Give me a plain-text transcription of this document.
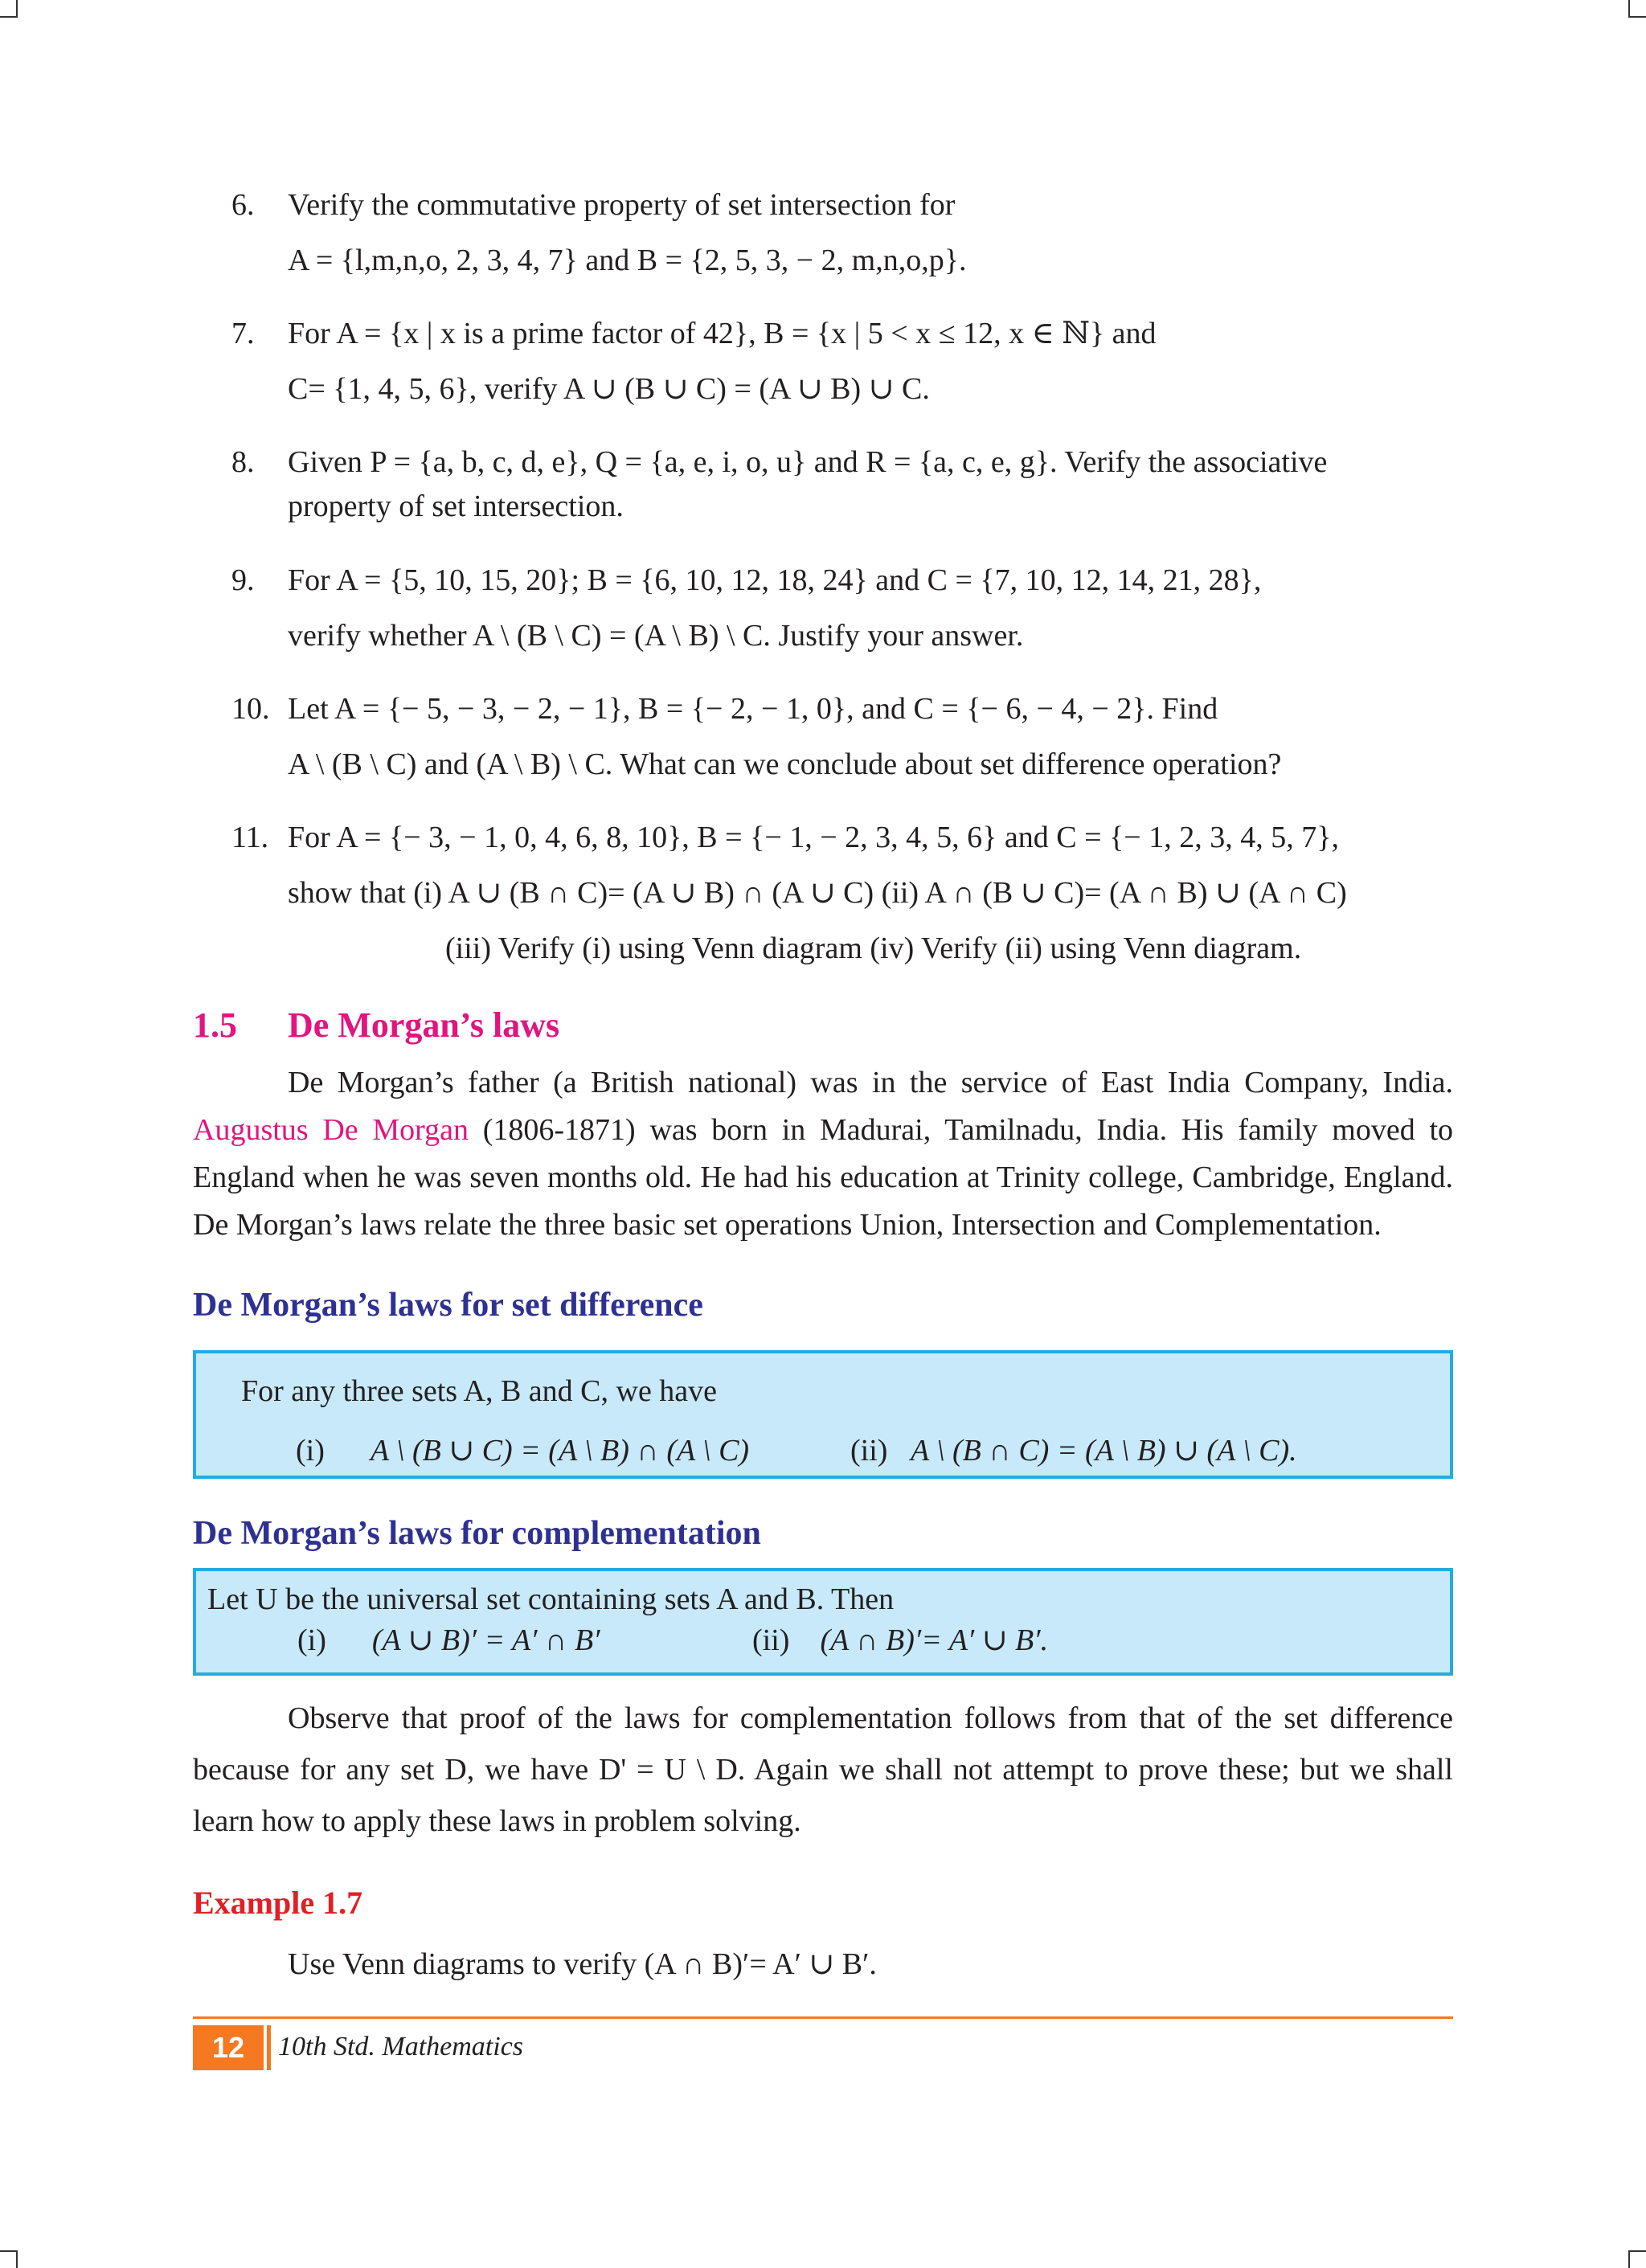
6.	Verify the commutative property of set intersection for

A = {l,m,n,o, 2, 3, 4, 7} and B = {2, 5, 3, − 2, m,n,o,p}.

7.	For A = {x | x is a prime factor of 42}, B = {x | 5 < x ≤ 12, x ∈ ℕ} and

C= {1, 4, 5, 6}, verify A ∪ (B ∪ C) = (A ∪ B) ∪ C.

8.	Given P = {a, b, c, d, e}, Q = {a, e, i, o, u} and R = {a, c, e, g}. Verify the associative

property of set intersection.

9.	For A = {5, 10, 15, 20}; B = {6, 10, 12, 18, 24} and C = {7, 10, 12, 14, 21, 28},

verify whether A \ (B \ C) = (A \ B) \ C. Justify your answer.

10. Let A = {− 5, − 3, − 2, − 1}, B = {− 2, − 1, 0}, and C = {− 6, − 4, − 2}. Find

A \ (B \ C) and (A \ B) \ C. What can we conclude about set difference operation?

11. For A = {− 3, − 1, 0, 4, 6, 8, 10}, B = {− 1, − 2, 3, 4, 5, 6} and C = {− 1, 2, 3, 4, 5, 7},

show that (i) A ∪ (B ∩ C)= (A ∪ B) ∩ (A ∪ C) (ii) A ∩ (B ∪ C)= (A ∩ B) ∪ (A ∩ C)

(iii) Verify (i) using Venn diagram (iv) Verify (ii) using Venn diagram.

1.5	De Morgan’s laws

De Morgan’s father (a British national) was in the service of East India Company, India. Augustus De Morgan (1806-1871) was born in Madurai, Tamilnadu, India. His family moved to England when he was seven months old. He had his education at Trinity college, Cambridge, England. De Morgan’s laws relate the three basic set operations Union, Intersection and Complementation.

De Morgan’s laws for set difference
For any three sets A, B and C, we have
(i) A \ (B ∪ C) = (A \ B) ∩ (A \ C)	(ii) A \ (B ∩ C) = (A \ B) ∪ (A \ C).
De Morgan’s laws for complementation
Let U be the universal set containing sets A and B. Then
(i) (A ∪ B)′ = A′ ∩ B′	(ii) (A ∩ B)′= A′ ∪ B′.

Observe that proof of the laws for complementation follows from that of the set difference because for any set D, we have D' = U \ D. Again we shall not attempt to prove these; but we shall learn how to apply these laws in problem solving.

Example 1.7

Use Venn diagrams to verify (A ∩ B)′= A′ ∪ B′.

12	10th Std. Mathematics
